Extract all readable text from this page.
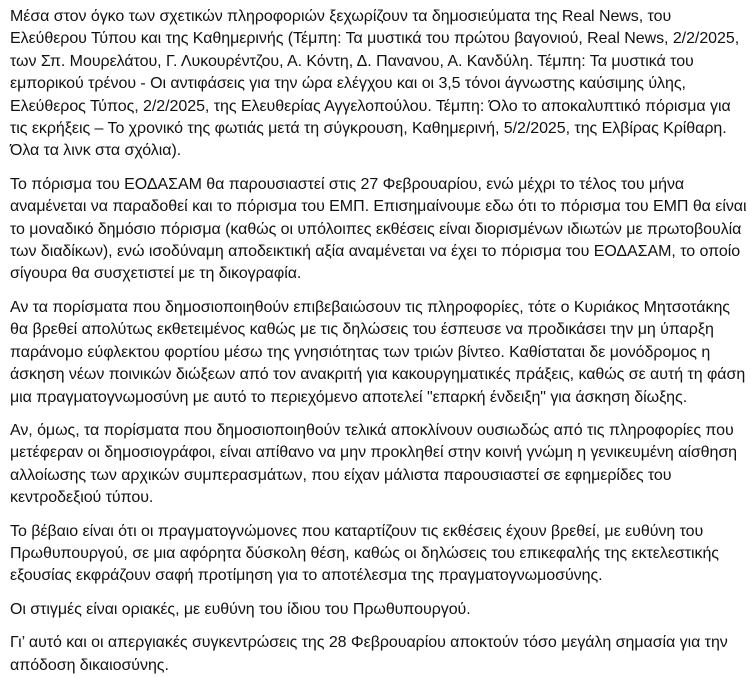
Μέσα στον όγκο των σχετικών πληροφοριών ξεχωρίζουν τα δημοσιεύματα της Real News, του Ελεύθερου Τύπου και της Καθημερινής (Τέμπη: Τα μυστικά του πρώτου βαγονιού, Real News, 2/2/2025, των Σπ. Μουρελάτου, Γ. Λυκουρέντζου, Α. Κόντη, Δ. Πανανου, Α. Κανδύλη. Τέμπη: Τα μυστικά του εμπορικού τρένου - Οι αντιφάσεις για την ώρα ελέγχου και οι 3,5 τόνοι άγνωστης καύσιμης ύλης, Ελεύθερος Τύπος, 2/2/2025, της Ελευθερίας Αγγελοπούλου. Τέμπη: Όλο το αποκαλυπτικό πόρισμα για τις εκρήξεις – Το χρονικό της φωτιάς μετά τη σύγκρουση, Καθημερινή, 5/2/2025, της Ελβίρας Κρίθαρη. Όλα τα λινκ στα σχόλια).

Το πόρισμα του ΕΟΔΑΣΑΜ θα παρουσιαστεί στις 27 Φεβρουαρίου, ενώ μέχρι το τέλος του μήνα αναμένεται να παραδοθεί και το πόρισμα του ΕΜΠ. Επισημαίνουμε εδω ότι το πόρισμα του ΕΜΠ θα είναι το μοναδικό δημόσιο πόρισμα (καθώς οι υπόλοιπες εκθέσεις είναι διορισμένων ιδιωτών με πρωτοβουλία των διαδίκων), ενώ ισοδύναμη αποδεικτική αξία αναμένεται να έχει το πόρισμα του ΕΟΔΑΣΑΜ, το οποίο σίγουρα θα συσχετιστεί με τη δικογραφία.

Αν τα πορίσματα που δημοσιοποιηθούν επιβεβαιώσουν τις πληροφορίες, τότε ο Κυριάκος Μητσοτάκης θα βρεθεί απολύτως εκθετειμένος καθώς με τις δηλώσεις του έσπευσε να προδικάσει την μη ύπαρξη παράνομο εύφλεκτου φορτίου μέσω της γνησιότητας των τριών βίντεο. Καθίσταται δε μονόδρομος η άσκηση νέων ποινικών διώξεων από τον ανακριτή για κακουργηματικές πράξεις, καθώς σε αυτή τη φάση μια πραγματογνωμοσύνη με αυτό το περιεχόμενο αποτελεί "επαρκή ένδειξη" για άσκηση δίωξης.

Αν, όμως, τα πορίσματα που δημοσιοποιηθούν τελικά αποκλίνουν ουσιωδώς από τις πληροφορίες που μετέφεραν οι δημοσιογράφοι, είναι απίθανο να μην προκληθεί στην κοινή γνώμη η γενικευμένη αίσθηση αλλοίωσης των αρχικών συμπερασμάτων, που είχαν μάλιστα παρουσιαστεί σε εφημερίδες του κεντροδεξιού τύπου.

Το βέβαιο είναι ότι οι πραγματογνώμονες που καταρτίζουν τις εκθέσεις έχουν βρεθεί, με ευθύνη του Πρωθυπουργού, σε μια αφόρητα δύσκολη θέση, καθώς οι δηλώσεις του επικεφαλής της εκτελεστικής εξουσίας εκφράζουν σαφή προτίμηση για το αποτέλεσμα της πραγματογνωμοσύνης.

Οι στιγμές είναι οριακές, με ευθύνη του ίδιου του Πρωθυπουργού.

Γι’ αυτό και οι απεργιακές συγκεντρώσεις της 28 Φεβρουαρίου αποκτούν τόσο μεγάλη σημασία για την απόδοση δικαιοσύνης.
